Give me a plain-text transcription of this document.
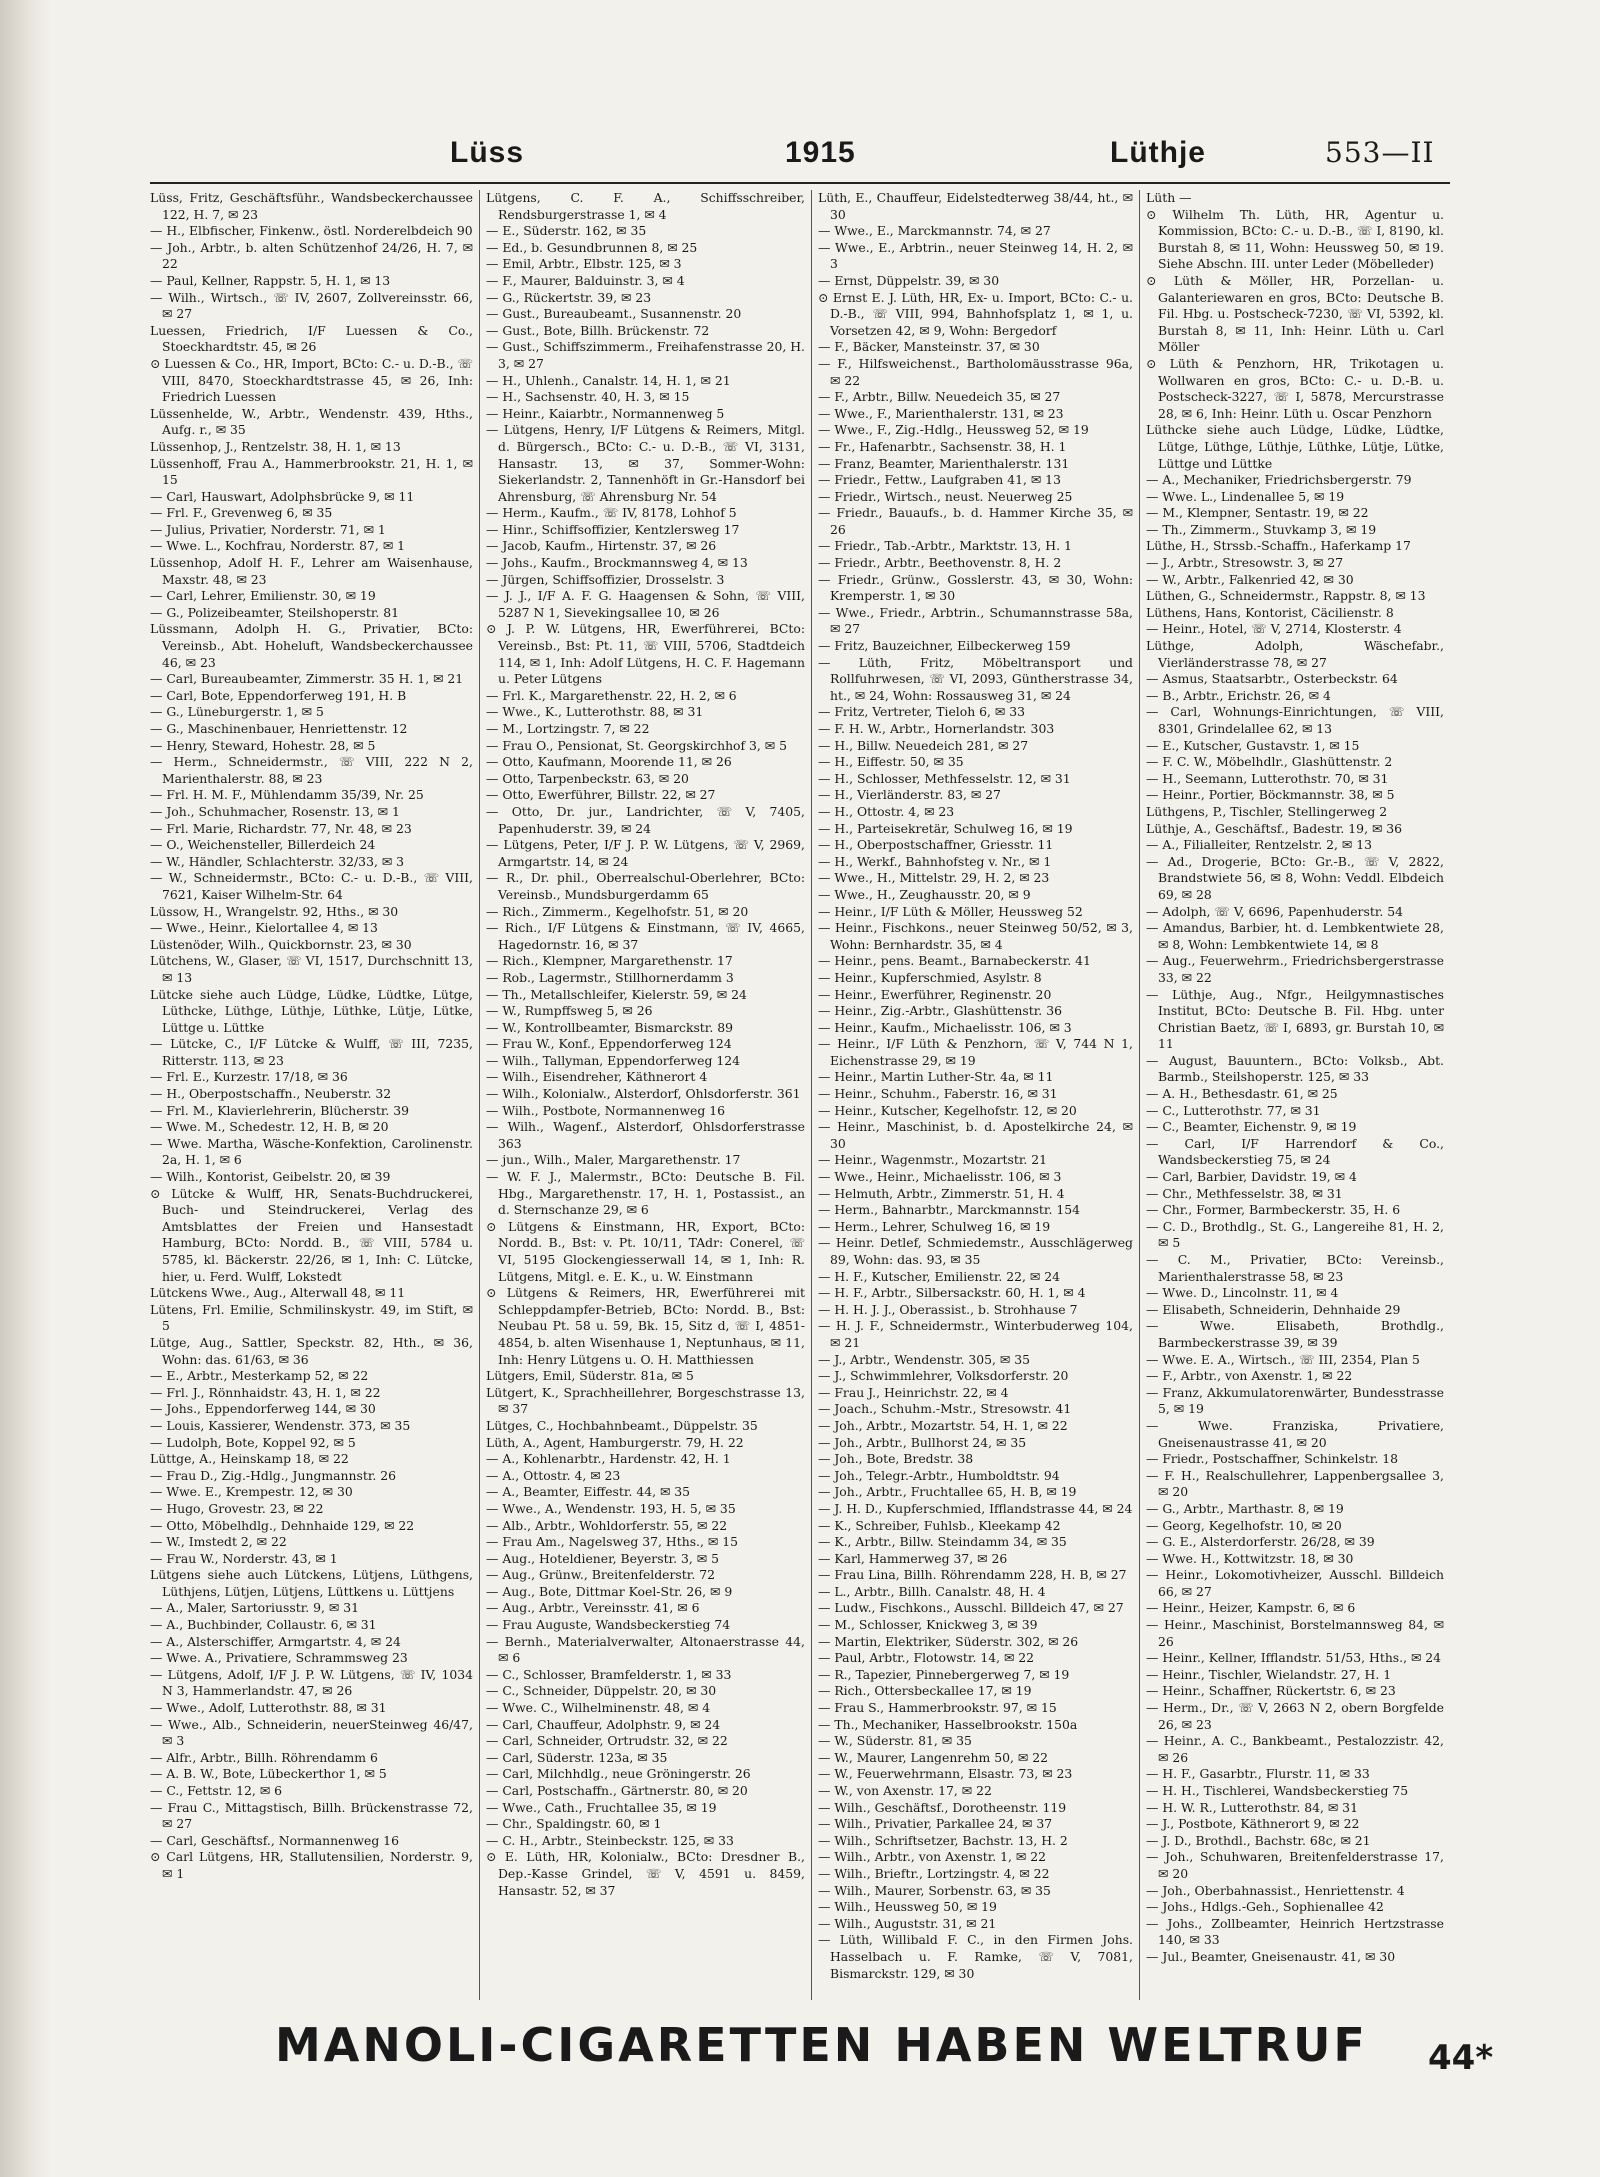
Lüss	1915	Lüthje	553—II

Lüss, Fritz, Geschäftsführ., Wandsbeckerchaussee 122, H. 7, ✉ 23

— H., Elbfischer, Finkenw., östl. Norderelbdeich 90

— Joh., Arbtr., b. alten Schützenhof 24/26, H. 7, ✉ 22

— Paul, Kellner, Rappstr. 5, H. 1, ✉ 13

— Wilh., Wirtsch., ☏ IV, 2607, Zollvereinsstr. 66, ✉ 27

Luessen, Friedrich, I/F Luessen & Co., Stoeckhardtstr. 45, ✉ 26

⊙ Luessen & Co., HR, Import, BCto: C.- u. D.-B., ☏ VIII, 8470, Stoeckhardtstrasse 45, ✉ 26, Inh: Friedrich Luessen

Lüssenhelde, W., Arbtr., Wendenstr. 439, Hths., Aufg. r., ✉ 35

Lüssenhop, J., Rentzelstr. 38, H. 1, ✉ 13

Lüssenhoff, Frau A., Hammerbrookstr. 21, H. 1, ✉ 15

— Carl, Hauswart, Adolphsbrücke 9, ✉ 11

— Frl. F., Grevenweg 6, ✉ 35

— Julius, Privatier, Norderstr. 71, ✉ 1

— Wwe. L., Kochfrau, Norderstr. 87, ✉ 1

Lüssenhop, Adolf H. F., Lehrer am Waisenhause, Maxstr. 48, ✉ 23

— Carl, Lehrer, Emilienstr. 30, ✉ 19

— G., Polizeibeamter, Steilshoperstr. 81

Lüssmann, Adolph H. G., Privatier, BCto: Vereinsb., Abt. Hoheluft, Wandsbeckerchaussee 46, ✉ 23

— Carl, Bureaubeamter, Zimmerstr. 35 H. 1, ✉ 21

— Carl, Bote, Eppendorferweg 191, H. B

— G., Lüneburgerstr. 1, ✉ 5

— G., Maschinenbauer, Henriettenstr. 12

— Henry, Steward, Hohestr. 28, ✉ 5

— Herm., Schneidermstr., ☏ VIII, 222 N 2, Marienthalerstr. 88, ✉ 23

— Frl. H. M. F., Mühlendamm 35/39, Nr. 25

— Joh., Schuhmacher, Rosenstr. 13, ✉ 1

— Frl. Marie, Richardstr. 77, Nr. 48, ✉ 23

— O., Weichensteller, Billerdeich 24

— W., Händler, Schlachterstr. 32/33, ✉ 3

— W., Schneidermstr., BCto: C.- u. D.-B., ☏ VIII, 7621, Kaiser Wilhelm-Str. 64

Lüssow, H., Wrangelstr. 92, Hths., ✉ 30

— Wwe., Heinr., Kielortallee 4, ✉ 13

Lüstenöder, Wilh., Quickbornstr. 23, ✉ 30

Lütchens, W., Glaser, ☏ VI, 1517, Durchschnitt 13, ✉ 13

Lütcke siehe auch Lüdge, Lüdke, Lüdtke, Lütge, Lüthcke, Lüthge, Lüthje, Lüthke, Lütje, Lütke, Lüttge u. Lüttke

— Lütcke, C., I/F Lütcke & Wulff, ☏ III, 7235, Ritterstr. 113, ✉ 23

— Frl. E., Kurzestr. 17/18, ✉ 36

— H., Oberpostschaffn., Neuberstr. 32

— Frl. M., Klavierlehrerin, Blücherstr. 39

— Wwe. M., Schedestr. 12, H. B, ✉ 20

— Wwe. Martha, Wäsche-Konfektion, Carolinenstr. 2a, H. 1, ✉ 6

— Wilh., Kontorist, Geibelstr. 20, ✉ 39

⊙ Lütcke & Wulff, HR, Senats-Buchdruckerei, Buch- und Steindruckerei, Verlag des Amtsblattes der Freien und Hansestadt Hamburg, BCto: Nordd. B., ☏ VIII, 5784 u. 5785, kl. Bäckerstr. 22/26, ✉ 1, Inh: C. Lütcke, hier, u. Ferd. Wulff, Lokstedt

Lütckens Wwe., Aug., Alterwall 48, ✉ 11

Lütens, Frl. Emilie, Schmilinskystr. 49, im Stift, ✉ 5

Lütge, Aug., Sattler, Speckstr. 82, Hth., ✉ 36, Wohn: das. 61/63, ✉ 36

— E., Arbtr., Mesterkamp 52, ✉ 22

— Frl. J., Rönnhaidstr. 43, H. 1, ✉ 22

— Johs., Eppendorferweg 144, ✉ 30

— Louis, Kassierer, Wendenstr. 373, ✉ 35

— Ludolph, Bote, Koppel 92, ✉ 5

Lüttge, A., Heinskamp 18, ✉ 22

— Frau D., Zig.-Hdlg., Jungmannstr. 26

— Wwe. E., Krempestr. 12, ✉ 30

— Hugo, Grovestr. 23, ✉ 22

— Otto, Möbelhdlg., Dehnhaide 129, ✉ 22

— W., Imstedt 2, ✉ 22

— Frau W., Norderstr. 43, ✉ 1

Lütgens siehe auch Lütckens, Lütjens, Lüthgens, Lüthjens, Lütjen, Lütjens, Lüttkens u. Lüttjens

— A., Maler, Sartoriusstr. 9, ✉ 31

— A., Buchbinder, Collaustr. 6, ✉ 31

— A., Alsterschiffer, Armgartstr. 4, ✉ 24

— Wwe. A., Privatiere, Schrammsweg 23

— Lütgens, Adolf, I/F J. P. W. Lütgens, ☏ IV, 1034 N 3, Hammerlandstr. 47, ✉ 26

— Wwe., Adolf, Lutterothstr. 88, ✉ 31

— Wwe., Alb., Schneiderin, neuerSteinweg 46/47, ✉ 3

— Alfr., Arbtr., Billh. Röhrendamm 6

— A. B. W., Bote, Lübeckerthor 1, ✉ 5

— C., Fettstr. 12, ✉ 6

— Frau C., Mittagstisch, Billh. Brückenstrasse 72, ✉ 27

— Carl, Geschäftsf., Normannenweg 16

⊙ Carl Lütgens, HR, Stallutensilien, Norderstr. 9, ✉ 1

Lütgens, C. F. A., Schiffsschreiber, Rendsburgerstrasse 1, ✉ 4

— E., Süderstr. 162, ✉ 35

— Ed., b. Gesundbrunnen 8, ✉ 25

— Emil, Arbtr., Elbstr. 125, ✉ 3

— F., Maurer, Balduinstr. 3, ✉ 4

— G., Rückertstr. 39, ✉ 23

— Gust., Bureaubeamt., Susannenstr. 20

— Gust., Bote, Billh. Brückenstr. 72

— Gust., Schiffszimmerm., Freihafenstrasse 20, H. 3, ✉ 27

— H., Uhlenh., Canalstr. 14, H. 1, ✉ 21

— H., Sachsenstr. 40, H. 3, ✉ 15

— Heinr., Kaiarbtr., Normannenweg 5

— Lütgens, Henry, I/F Lütgens & Reimers, Mitgl. d. Bürgersch., BCto: C.- u. D.-B., ☏ VI, 3131, Hansastr. 13, ✉ 37, Sommer-Wohn: Siekerlandstr. 2, Tannenhöft in Gr.-Hansdorf bei Ahrensburg, ☏ Ahrensburg Nr. 54

— Herm., Kaufm., ☏ IV, 8178, Lohhof 5

— Hinr., Schiffsoffizier, Kentzlersweg 17

— Jacob, Kaufm., Hirtenstr. 37, ✉ 26

— Johs., Kaufm., Brockmannsweg 4, ✉ 13

— Jürgen, Schiffsoffizier, Drosselstr. 3

— J. J., I/F A. F. G. Haagensen & Sohn, ☏ VIII, 5287 N 1, Sievekingsallee 10, ✉ 26

⊙ J. P. W. Lütgens, HR, Ewerführerei, BCto: Vereinsb., Bst: Pt. 11, ☏ VIII, 5706, Stadtdeich 114, ✉ 1, Inh: Adolf Lütgens, H. C. F. Hagemann u. Peter Lütgens

— Frl. K., Margarethenstr. 22, H. 2, ✉ 6

— Wwe., K., Lutterothstr. 88, ✉ 31

— M., Lortzingstr. 7, ✉ 22

— Frau O., Pensionat, St. Georgskirchhof 3, ✉ 5

— Otto, Kaufmann, Moorende 11, ✉ 26

— Otto, Tarpenbeckstr. 63, ✉ 20

— Otto, Ewerführer, Billstr. 22, ✉ 27

— Otto, Dr. jur., Landrichter, ☏ V, 7405, Papenhuderstr. 39, ✉ 24

— Lütgens, Peter, I/F J. P. W. Lütgens, ☏ V, 2969, Armgartstr. 14, ✉ 24

— R., Dr. phil., Oberrealschul-Oberlehrer, BCto: Vereinsb., Mundsburgerdamm 65

— Rich., Zimmerm., Kegelhofstr. 51, ✉ 20

— Rich., I/F Lütgens & Einstmann, ☏ IV, 4665, Hagedornstr. 16, ✉ 37

— Rich., Klempner, Margarethenstr. 17

— Rob., Lagermstr., Stillhornerdamm 3

— Th., Metallschleifer, Kielerstr. 59, ✉ 24

— W., Rumpffsweg 5, ✉ 26

— W., Kontrollbeamter, Bismarckstr. 89

— Frau W., Konf., Eppendorferweg 124

— Wilh., Tallyman, Eppendorferweg 124

— Wilh., Eisendreher, Käthnerort 4

— Wilh., Kolonialw., Alsterdorf, Ohlsdorferstr. 361

— Wilh., Postbote, Normannenweg 16

— Wilh., Wagenf., Alsterdorf, Ohlsdorferstrasse 363

— jun., Wilh., Maler, Margarethenstr. 17

— W. F. J., Malermstr., BCto: Deutsche B. Fil. Hbg., Margarethenstr. 17, H. 1, Postassist., an d. Sternschanze 29, ✉ 6

⊙ Lütgens & Einstmann, HR, Export, BCto: Nordd. B., Bst: v. Pt. 10/11, TAdr: Conerel, ☏ VI, 5195 Glockengiesserwall 14, ✉ 1, Inh: R. Lütgens, Mitgl. e. E. K., u. W. Einstmann

⊙ Lütgens & Reimers, HR, Ewerführerei mit Schleppdampfer-Betrieb, BCto: Nordd. B., Bst: Neubau Pt. 58 u. 59, Bk. 15, Sitz d, ☏ I, 4851-4854, b. alten Wisenhause 1, Neptunhaus, ✉ 11, Inh: Henry Lütgens u. O. H. Matthiessen

Lütgers, Emil, Süderstr. 81a, ✉ 5

Lütgert, K., Sprachheillehrer, Borgeschstrasse 13, ✉ 37

Lütges, C., Hochbahnbeamt., Düppelstr. 35

Lüth, A., Agent, Hamburgerstr. 79, H. 22

— A., Kohlenarbtr., Hardenstr. 42, H. 1

— A., Ottostr. 4, ✉ 23

— A., Beamter, Eiffestr. 44, ✉ 35

— Wwe., A., Wendenstr. 193, H. 5, ✉ 35

— Alb., Arbtr., Wohldorferstr. 55, ✉ 22

— Frau Am., Nagelsweg 37, Hths., ✉ 15

— Aug., Hoteldiener, Beyerstr. 3, ✉ 5

— Aug., Grünw., Breitenfelderstr. 72

— Aug., Bote, Dittmar Koel-Str. 26, ✉ 9

— Aug., Arbtr., Vereinsstr. 41, ✉ 6

— Frau Auguste, Wandsbeckerstieg 74

— Bernh., Materialverwalter, Altonaerstrasse 44, ✉ 6

— C., Schlosser, Bramfelderstr. 1, ✉ 33

— C., Schneider, Düppelstr. 20, ✉ 30

— Wwe. C., Wilhelminenstr. 48, ✉ 4

— Carl, Chauffeur, Adolphstr. 9, ✉ 24

— Carl, Schneider, Ortrudstr. 32, ✉ 22

— Carl, Süderstr. 123a, ✉ 35

— Carl, Milchhdlg., neue Gröningerstr. 26

— Carl, Postschaffn., Gärtnerstr. 80, ✉ 20

— Wwe., Cath., Fruchtallee 35, ✉ 19

— Chr., Spaldingstr. 60, ✉ 1

— C. H., Arbtr., Steinbeckstr. 125, ✉ 33

⊙ E. Lüth, HR, Kolonialw., BCto: Dresdner B., Dep.-Kasse Grindel, ☏ V, 4591 u. 8459, Hansastr. 52, ✉ 37

Lüth, E., Chauffeur, Eidelstedterweg 38/44, ht., ✉ 30

— Wwe., E., Marckmannstr. 74, ✉ 27

— Wwe., E., Arbtrin., neuer Steinweg 14, H. 2, ✉ 3

— Ernst, Düppelstr. 39, ✉ 30

⊙ Ernst E. J. Lüth, HR, Ex- u. Import, BCto: C.- u. D.-B., ☏ VIII, 994, Bahnhofsplatz 1, ✉ 1, u. Vorsetzen 42, ✉ 9, Wohn: Bergedorf

— F., Bäcker, Mansteinstr. 37, ✉ 30

— F., Hilfsweichenst., Bartholomäusstrasse 96a, ✉ 22

— F., Arbtr., Billw. Neuedeich 35, ✉ 27

— Wwe., F., Marienthalerstr. 131, ✉ 23

— Wwe., F., Zig.-Hdlg., Heussweg 52, ✉ 19

— Fr., Hafenarbtr., Sachsenstr. 38, H. 1

— Franz, Beamter, Marienthalerstr. 131

— Friedr., Fettw., Laufgraben 41, ✉ 13

— Friedr., Wirtsch., neust. Neuerweg 25

— Friedr., Bauaufs., b. d. Hammer Kirche 35, ✉ 26

— Friedr., Tab.-Arbtr., Marktstr. 13, H. 1

— Friedr., Arbtr., Beethovenstr. 8, H. 2

— Friedr., Grünw., Gosslerstr. 43, ✉ 30, Wohn: Kremperstr. 1, ✉ 30

— Wwe., Friedr., Arbtrin., Schumannstrasse 58a, ✉ 27

— Fritz, Bauzeichner, Eilbeckerweg 159

— Lüth, Fritz, Möbeltransport und Rollfuhrwesen, ☏ VI, 2093, Güntherstrasse 34, ht., ✉ 24, Wohn: Rossausweg 31, ✉ 24

— Fritz, Vertreter, Tieloh 6, ✉ 33

— F. H. W., Arbtr., Hornerlandstr. 303

— H., Billw. Neuedeich 281, ✉ 27

— H., Eiffestr. 50, ✉ 35

— H., Schlosser, Methfesselstr. 12, ✉ 31

— H., Vierländerstr. 83, ✉ 27

— H., Ottostr. 4, ✉ 23

— H., Parteisekretär, Schulweg 16, ✉ 19

— H., Oberpostschaffner, Griesstr. 11

— H., Werkf., Bahnhofsteg v. Nr., ✉ 1

— Wwe., H., Mittelstr. 29, H. 2, ✉ 23

— Wwe., H., Zeughausstr. 20, ✉ 9

— Heinr., I/F Lüth & Möller, Heussweg 52

— Heinr., Fischkons., neuer Steinweg 50/52, ✉ 3, Wohn: Bernhardstr. 35, ✉ 4

— Heinr., pens. Beamt., Barnabeckerstr. 41

— Heinr., Kupferschmied, Asylstr. 8

— Heinr., Ewerführer, Reginenstr. 20

— Heinr., Zig.-Arbtr., Glashüttenstr. 36

— Heinr., Kaufm., Michaelisstr. 106, ✉ 3

— Heinr., I/F Lüth & Penzhorn, ☏ V, 744 N 1, Eichenstrasse 29, ✉ 19

— Heinr., Martin Luther-Str. 4a, ✉ 11

— Heinr., Schuhm., Faberstr. 16, ✉ 31

— Heinr., Kutscher, Kegelhofstr. 12, ✉ 20

— Heinr., Maschinist, b. d. Apostelkirche 24, ✉ 30

— Heinr., Wagenmstr., Mozartstr. 21

— Wwe., Heinr., Michaelisstr. 106, ✉ 3

— Helmuth, Arbtr., Zimmerstr. 51, H. 4

— Herm., Bahnarbtr., Marckmannstr. 154

— Herm., Lehrer, Schulweg 16, ✉ 19

— Heinr. Detlef, Schmiedemstr., Ausschlägerweg 89, Wohn: das. 93, ✉ 35

— H. F., Kutscher, Emilienstr. 22, ✉ 24

— H. F., Arbtr., Silbersackstr. 60, H. 1, ✉ 4

— H. H. J. J., Oberassist., b. Strohhause 7

— H. J. F., Schneidermstr., Winterbuderweg 104, ✉ 21

— J., Arbtr., Wendenstr. 305, ✉ 35

— J., Schwimmlehrer, Volksdorferstr. 20

— Frau J., Heinrichstr. 22, ✉ 4

— Joach., Schuhm.-Mstr., Stresowstr. 41

— Joh., Arbtr., Mozartstr. 54, H. 1, ✉ 22

— Joh., Arbtr., Bullhorst 24, ✉ 35

— Joh., Bote, Bredstr. 38

— Joh., Telegr.-Arbtr., Humboldtstr. 94

— Joh., Arbtr., Fruchtallee 65, H. B, ✉ 19

— J. H. D., Kupferschmied, Ifflandstrasse 44, ✉ 24

— K., Schreiber, Fuhlsb., Kleekamp 42

— K., Arbtr., Billw. Steindamm 34, ✉ 35

— Karl, Hammerweg 37, ✉ 26

— Frau Lina, Billh. Röhrendamm 228, H. B, ✉ 27

— L., Arbtr., Billh. Canalstr. 48, H. 4

— Ludw., Fischkons., Ausschl. Billdeich 47, ✉ 27

— M., Schlosser, Knickweg 3, ✉ 39

— Martin, Elektriker, Süderstr. 302, ✉ 26

— Paul, Arbtr., Flotowstr. 14, ✉ 22

— R., Tapezier, Pinnebergerweg 7, ✉ 19

— Rich., Ottersbeckallee 17, ✉ 19

— Frau S., Hammerbrookstr. 97, ✉ 15

— Th., Mechaniker, Hasselbrookstr. 150a

— W., Süderstr. 81, ✉ 35

— W., Maurer, Langenrehm 50, ✉ 22

— W., Feuerwehrmann, Elsastr. 73, ✉ 23

— W., von Axenstr. 17, ✉ 22

— Wilh., Geschäftsf., Dorotheenstr. 119

— Wilh., Privatier, Parkallee 24, ✉ 37

— Wilh., Schriftsetzer, Bachstr. 13, H. 2

— Wilh., Arbtr., von Axenstr. 1, ✉ 22

— Wilh., Brieftr., Lortzingstr. 4, ✉ 22

— Wilh., Maurer, Sorbenstr. 63, ✉ 35

— Wilh., Heussweg 50, ✉ 19

— Wilh., Auguststr. 31, ✉ 21

— Lüth, Willibald F. C., in den Firmen Johs. Hasselbach u. F. Ramke, ☏ V, 7081, Bismarckstr. 129, ✉ 30

Lüth —

⊙ Wilhelm Th. Lüth, HR, Agentur u. Kommission, BCto: C.- u. D.-B., ☏ I, 8190, kl. Burstah 8, ✉ 11, Wohn: Heussweg 50, ✉ 19. Siehe Abschn. III. unter Leder (Möbelleder)

⊙ Lüth & Möller, HR, Porzellan- u. Galanteriewaren en gros, BCto: Deutsche B. Fil. Hbg. u. Postscheck-7230, ☏ VI, 5392, kl. Burstah 8, ✉ 11, Inh: Heinr. Lüth u. Carl Möller

⊙ Lüth & Penzhorn, HR, Trikotagen u. Wollwaren en gros, BCto: C.- u. D.-B. u. Postscheck-3227, ☏ I, 5878, Mercurstrasse 28, ✉ 6, Inh: Heinr. Lüth u. Oscar Penzhorn

Lüthcke siehe auch Lüdge, Lüdke, Lüdtke, Lütge, Lüthge, Lüthje, Lüthke, Lütje, Lütke, Lüttge und Lüttke

— A., Mechaniker, Friedrichsbergerstr. 79

— Wwe. L., Lindenallee 5, ✉ 19

— M., Klempner, Sentastr. 19, ✉ 22

— Th., Zimmerm., Stuvkamp 3, ✉ 19

Lüthe, H., Strssb.-Schaffn., Haferkamp 17

— J., Arbtr., Stresowstr. 3, ✉ 27

— W., Arbtr., Falkenried 42, ✉ 30

Lüthen, G., Schneidermstr., Rappstr. 8, ✉ 13

Lüthens, Hans, Kontorist, Cäcilienstr. 8

— Heinr., Hotel, ☏ V, 2714, Klosterstr. 4

Lüthge, Adolph, Wäschefabr., Vierländerstrasse 78, ✉ 27

— Asmus, Staatsarbtr., Osterbeckstr. 64

— B., Arbtr., Erichstr. 26, ✉ 4

— Carl, Wohnungs-Einrichtungen, ☏ VIII, 8301, Grindelallee 62, ✉ 13

— E., Kutscher, Gustavstr. 1, ✉ 15

— F. C. W., Möbelhdlr., Glashüttenstr. 2

— H., Seemann, Lutterothstr. 70, ✉ 31

— Heinr., Portier, Böckmannstr. 38, ✉ 5

Lüthgens, P., Tischler, Stellingerweg 2

Lüthje, A., Geschäftsf., Badestr. 19, ✉ 36

— A., Filialleiter, Rentzelstr. 2, ✉ 13

— Ad., Drogerie, BCto: Gr.-B., ☏ V, 2822, Brandstwiete 56, ✉ 8, Wohn: Veddl. Elbdeich 69, ✉ 28

— Adolph, ☏ V, 6696, Papenhuderstr. 54

— Amandus, Barbier, ht. d. Lembkentwiete 28, ✉ 8, Wohn: Lembkentwiete 14, ✉ 8

— Aug., Feuerwehrm., Friedrichsbergerstrasse 33, ✉ 22

— Lüthje, Aug., Nfgr., Heilgymnastisches Institut, BCto: Deutsche B. Fil. Hbg. unter Christian Baetz, ☏ I, 6893, gr. Burstah 10, ✉ 11

— August, Bauuntern., BCto: Volksb., Abt. Barmb., Steilshoperstr. 125, ✉ 33

— A. H., Bethesdastr. 61, ✉ 25

— C., Lutterothstr. 77, ✉ 31

— C., Beamter, Eichenstr. 9, ✉ 19

— Carl, I/F Harrendorf & Co., Wandsbeckerstieg 75, ✉ 24

— Carl, Barbier, Davidstr. 19, ✉ 4

— Chr., Methfesselstr. 38, ✉ 31

— Chr., Former, Barmbeckerstr. 35, H. 6

— C. D., Brothdlg., St. G., Langereihe 81, H. 2, ✉ 5

— C. M., Privatier, BCto: Vereinsb., Marienthalerstrasse 58, ✉ 23

— Wwe. D., Lincolnstr. 11, ✉ 4

— Elisabeth, Schneiderin, Dehnhaide 29

— Wwe. Elisabeth, Brothdlg., Barmbeckerstrasse 39, ✉ 39

— Wwe. E. A., Wirtsch., ☏ III, 2354, Plan 5

— F., Arbtr., von Axenstr. 1, ✉ 22

— Franz, Akkumulatorenwärter, Bundesstrasse 5, ✉ 19

— Wwe. Franziska, Privatiere, Gneisenaustrasse 41, ✉ 20

— Friedr., Postschaffner, Schinkelstr. 18

— F. H., Realschullehrer, Lappenbergsallee 3, ✉ 20

— G., Arbtr., Marthastr. 8, ✉ 19

— Georg, Kegelhofstr. 10, ✉ 20

— G. E., Alsterdorferstr. 26/28, ✉ 39

— Wwe. H., Kottwitzstr. 18, ✉ 30

— Heinr., Lokomotivheizer, Ausschl. Billdeich 66, ✉ 27

— Heinr., Heizer, Kampstr. 6, ✉ 6

— Heinr., Maschinist, Borstelmannsweg 84, ✉ 26

— Heinr., Kellner, Ifflandstr. 51/53, Hths., ✉ 24

— Heinr., Tischler, Wielandstr. 27, H. 1

— Heinr., Schaffner, Rückertstr. 6, ✉ 23

— Herm., Dr., ☏ V, 2663 N 2, obern Borgfelde 26, ✉ 23

— Heinr., A. C., Bankbeamt., Pestalozzistr. 42, ✉ 26

— H. F., Gasarbtr., Flurstr. 11, ✉ 33

— H. H., Tischlerei, Wandsbeckerstieg 75

— H. W. R., Lutterothstr. 84, ✉ 31

— J., Postbote, Käthnerort 9, ✉ 22

— J. D., Brothdl., Bachstr. 68c, ✉ 21

— Joh., Schuhwaren, Breitenfelderstrasse 17, ✉ 20

— Joh., Oberbahnassist., Henriettenstr. 4

— Johs., Hdlgs.-Geh., Sophienallee 42

— Johs., Zollbeamter, Heinrich Hertzstrasse 140, ✉ 33

— Jul., Beamter, Gneisenaustr. 41, ✉ 30

MANOLI-CIGARETTEN HABEN WELTRUF 44*
